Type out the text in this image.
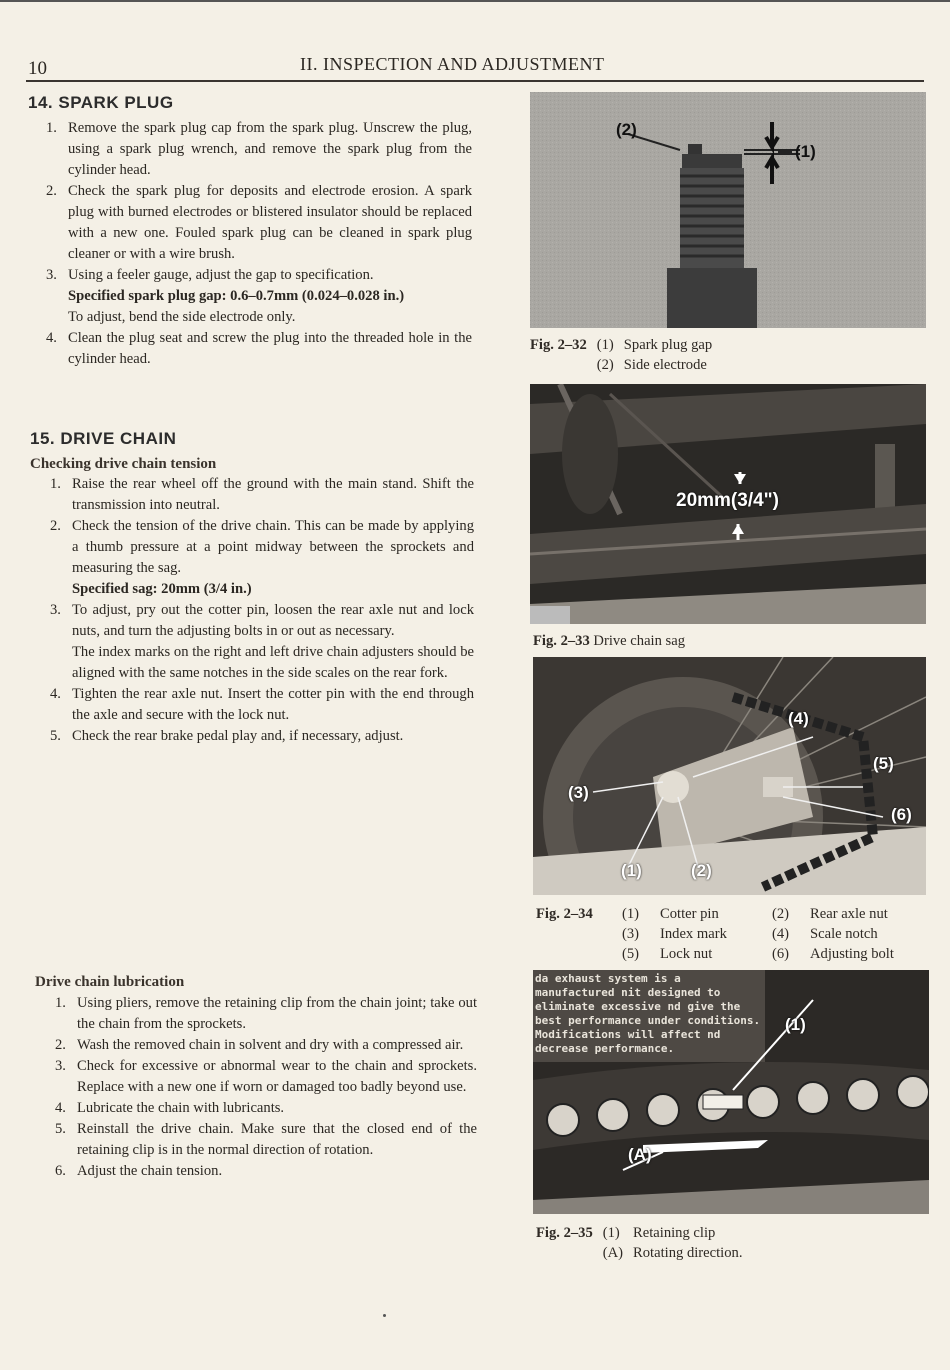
10	II. INSPECTION AND ADJUSTMENT
14. SPARK PLUG
1. Remove the spark plug cap from the spark plug. Unscrew the plug, using a spark plug wrench, and remove the spark plug from the cylinder head.
2. Check the spark plug for deposits and electrode erosion. A spark plug with burned electrodes or blistered insulator should be replaced with a new one. Fouled spark plug can be cleaned in spark plug cleaner or with a wire brush.
3. Using a feeler gauge, adjust the gap to specification.
Specified spark plug gap: 0.6–0.7mm (0.024–0.028 in.)
To adjust, bend the side electrode only.
4. Clean the plug seat and screw the plug into the threaded hole in the cylinder head.
15. DRIVE CHAIN
Checking drive chain tension
1. Raise the rear wheel off the ground with the main stand. Shift the transmission into neutral.
2. Check the tension of the drive chain. This can be made by applying a thumb pressure at a point midway between the sprockets and measuring the sag.
Specified sag: 20mm (3/4 in.)
3. To adjust, pry out the cotter pin, loosen the rear axle nut and lock nuts, and turn the adjusting bolts in or out as necessary.
The index marks on the right and left drive chain adjusters should be aligned with the same notches in the side scales on the rear fork.
4. Tighten the rear axle nut. Insert the cotter pin with the end through the axle and secure with the lock nut.
5. Check the rear brake pedal play and, if necessary, adjust.
Drive chain lubrication
1. Using pliers, remove the retaining clip from the chain joint; take out the chain from the sprockets.
2. Wash the removed chain in solvent and dry with a compressed air.
3. Check for excessive or abnormal wear to the chain and sprockets. Replace with a new one if worn or damaged too badly beyond use.
4. Lubricate the chain with lubricants.
5. Reinstall the drive chain. Make sure that the closed end of the retaining clip is in the normal direction of rotation.
6. Adjust the chain tension.
(2)
(1)
Fig. 2–32 (1) Spark plug gap
(2) Side electrode
20mm(3/4")
Fig. 2–33 Drive chain sag
(4)
(5)
(6)
(3)
(1)	(2)
Fig. 2–34	(1)	Cotter pin	(2)	Rear axle nut
(3)	Index mark	(4)	Scale notch
(5)	Lock nut	(6)	Adjusting bolt
da exhaust system is a manufactured nit designed to eliminate excessive nd give the best performance under conditions. Modifications will affect nd decrease performance.
(1)
(A)
Fig. 2–35 (1) Retaining clip
(A) Rotating direction.
